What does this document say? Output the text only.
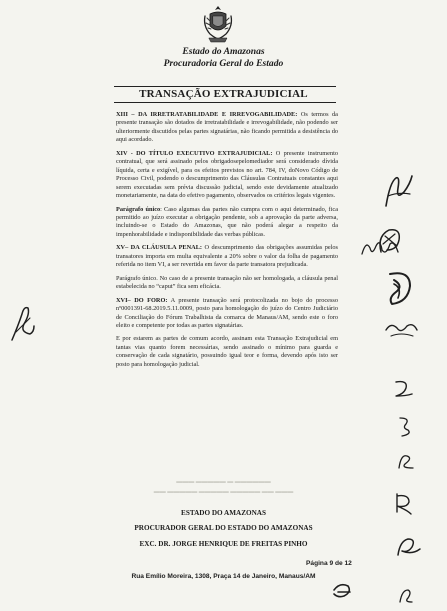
Estado do Amazonas
Procuradoria Geral do Estado
TRANSAÇÃO EXTRAJUDICIAL

XIII – DA IRRETRATABILIDADE E IRREVOGABILIDADE: Os termos da presente transação são dotados de irretratabilidade e irrevogabilidade, não podendo ser ulteriormente discutidos pelas partes signatárias, não ficando permitida a desistência do aqui acordado.

XIV - DO TÍTULO EXECUTIVO EXTRAJUDICIAL: O presente instrumento contratual, que será assinado pelos obrigadosepelomediador será considerado dívida líquida, certa e exigível, para os efeitos previstos no art. 784, IV, doNovo Código de Processo Civil, podendo o descumprimento das Cláusulas Contratuais constantes aqui serem executadas sem prévia discussão judicial, sendo este devidamente atualizado monetariamente, na data do efetivo pagamento, observados os critérios legais vigentes.

Parágrafo único: Caso algumas das partes não cumpra com o aqui determinado, fica permitido ao juízo executar a obrigação pendente, sob a aprovação da parte adversa, incluindo-se o Estado do Amazonas, que não poderá alegar a respeito da impenhorabilidade e indisponibilidade das verbas públicas.

XV– DA CLÁUSULA PENAL: O descumprimento das obrigações assumidas pelos transatores importa em multa equivalente a 20% sobre o valor da folha de pagamento referida no item VI, a ser revertida em favor da parte transatora prejudicada.

Parágrafo único. No caso de a presente transação não ser homologada, a cláusula penal estabelecida no “caput” fica sem eficácia.

XVI– DO FORO: A presente transação será protocolizada no bojo do processo nº0001391-68.2019.5.11.0009, posto para homologação do juízo do Centro Judiciário de Conciliação do Fórum Trabalhista da comarca de Manaus/AM, sendo este o foro eleito e competente por todas as partes signatárias.

E por estarem as partes de comum acordo, assinam esta Transação Extrajudicial em tantas vias quanto forem necessárias, sendo assinado o mínimo para guarda e conservação de cada signatário, possuindo igual teor e forma, devendo após isto ser posto para homologação judicial.

▬▬▬ ▬▬▬▬▬ ▬ ▬▬▬▬▬▬
▬▬ ▬▬▬▬▬ ▬▬▬▬▬ ▬▬▬▬▬ ▬▬ ▬▬▬
ESTADO DO AMAZONAS
PROCURADOR GERAL DO ESTADO DO AMAZONAS
EXC. DR. JORGE HENRIQUE DE FREITAS PINHO
Página 9 de 12
Rua Emílio Moreira, 1308, Praça 14 de Janeiro, Manaus/AM
